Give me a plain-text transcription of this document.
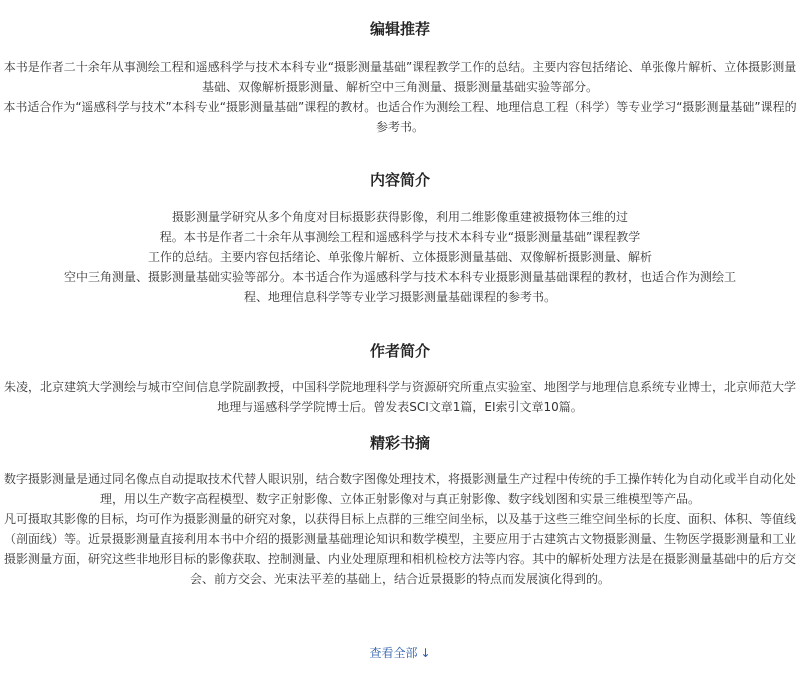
编辑推荐

本书是作者二十余年从事测绘工程和遥感科学与技术本科专业“摄影测量基础”课程教学工作的总结。主要内容包括绪论、单张像片解析、立体摄影测量基础、双像解析摄影测量、解析空中三角测量、摄影测量基础实验等部分。

本书适合作为“遥感科学与技术”本科专业“摄影测量基础”课程的教材。也适合作为测绘工程、地理信息工程（科学）等专业学习“摄影测量基础”课程的参考书。

内容简介
摄影测量学研究从多个角度对目标摄影获得影像，利用二维影像重建被摄物体三维的过
程。本书是作者二十余年从事测绘工程和遥感科学与技术本科专业“摄影测量基础”课程教学
工作的总结。主要内容包括绪论、单张像片解析、立体摄影测量基础、双像解析摄影测量、解析
空中三角测量、摄影测量基础实验等部分。本书适合作为遥感科学与技术本科专业摄影测量基础课程的教材，也适合作为测绘工
程、地理信息科学等专业学习摄影测量基础课程的参考书。
作者简介

朱凌，北京建筑大学测绘与城市空间信息学院副教授，中国科学院地理科学与资源研究所重点实验室、地图学与地理信息系统专业博士，北京师范大学地理与遥感科学学院博士后。曾发表SCI文章1篇，EI索引文章10篇。

精彩书摘

数字摄影测量是通过同名像点自动提取技术代替人眼识别，结合数字图像处理技术，将摄影测量生产过程中传统的手工操作转化为自动化或半自动化处理，用以生产数字高程模型、数字正射影像、立体正射影像对与真正射影像、数字线划图和实景三维模型等产品。

凡可摄取其影像的目标，均可作为摄影测量的研究对象，以获得目标上点群的三维空间坐标，以及基于这些三维空间坐标的长度、面积、体积、等值线（剖面线）等。近景摄影测量直接利用本书中介绍的摄影测量基础理论知识和数学模型，主要应用于古建筑古文物摄影测量、生物医学摄影测量和工业摄影测量方面，研究这些非地形目标的影像获取、控制测量、内业处理原理和相机检校方法等内容。其中的解析处理方法是在摄影测量基础中的后方交会、前方交会、光束法平差的基础上，结合近景摄影的特点而发展演化得到的。

查看全部 ↓
